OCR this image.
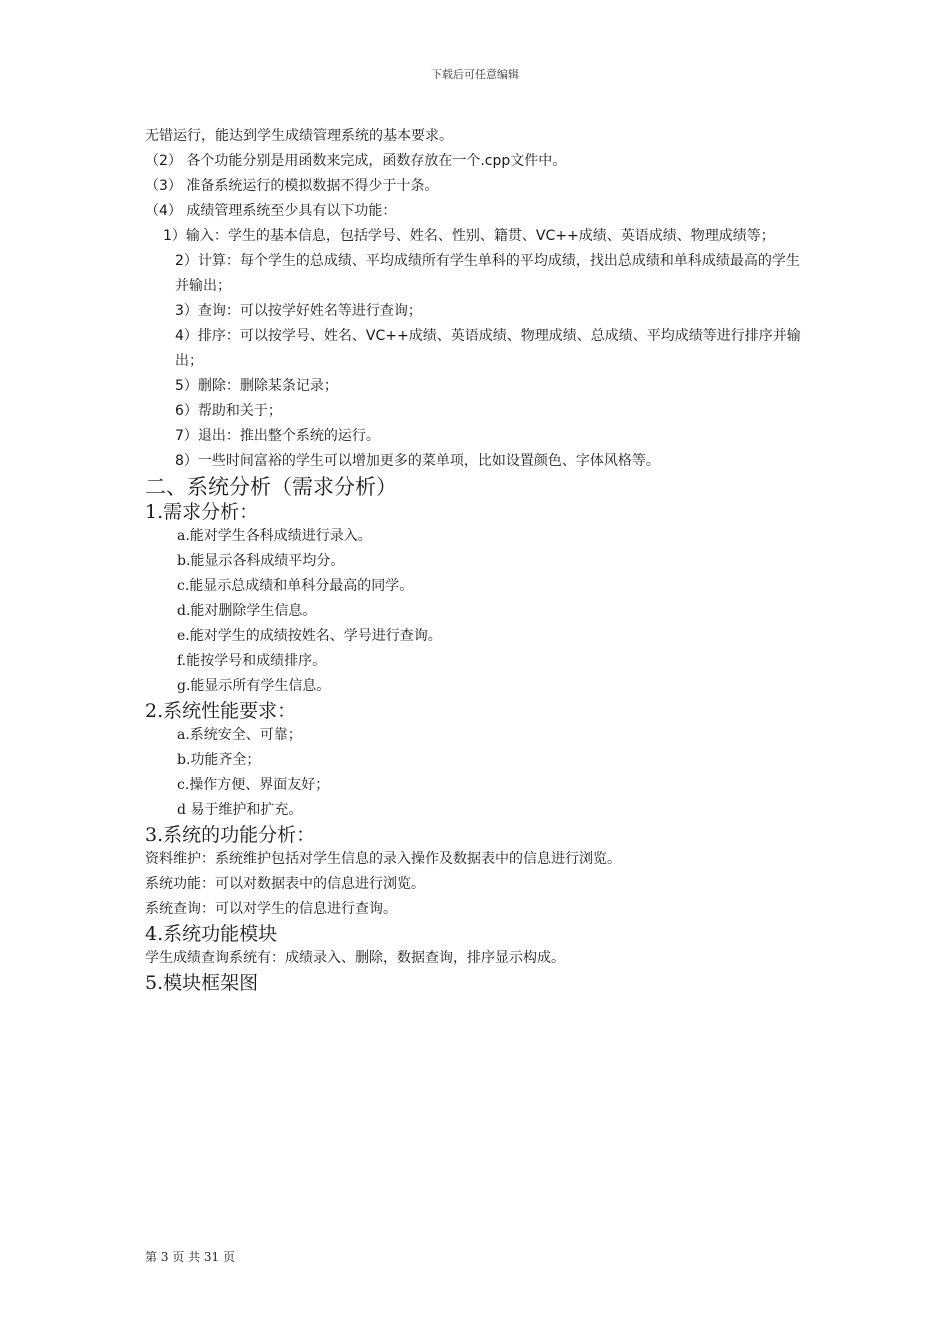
下载后可任意编辑
无错运行，能达到学生成绩管理系统的基本要求。
（2） 各个功能分别是用函数来完成，函数存放在一个.cpp文件中。
（3） 准备系统运行的模拟数据不得少于十条。
（4） 成绩管理系统至少具有以下功能：
1）输入：学生的基本信息，包括学号、姓名、性别、籍贯、VC++成绩、英语成绩、物理成绩等；
2）计算：每个学生的总成绩、平均成绩所有学生单科的平均成绩，找出总成绩和单科成绩最高的学生并输出；
3）查询：可以按学好姓名等进行查询；
4）排序：可以按学号、姓名、VC++成绩、英语成绩、物理成绩、总成绩、平均成绩等进行排序并输出；
5）删除：删除某条记录；
6）帮助和关于；
7）退出：推出整个系统的运行。
8）一些时间富裕的学生可以增加更多的菜单项，比如设置颜色、字体风格等。
二、系统分析（需求分析）
1.需求分析：
a.能对学生各科成绩进行录入。
b.能显示各科成绩平均分。
c.能显示总成绩和单科分最高的同学。
d.能对删除学生信息。
e.能对学生的成绩按姓名、学号进行查询。
f.能按学号和成绩排序。
g.能显示所有学生信息。
2.系统性能要求：
a.系统安全、可靠；
b.功能齐全；
c.操作方便、界面友好；
d 易于维护和扩充。
3.系统的功能分析：
资料维护：系统维护包括对学生信息的录入操作及数据表中的信息进行浏览。
系统功能：可以对数据表中的信息进行浏览。
系统查询：可以对学生的信息进行查询。
4.系统功能模块
学生成绩查询系统有：成绩录入、删除，数据查询，排序显示构成。
5.模块框架图
第 3 页 共 31 页
